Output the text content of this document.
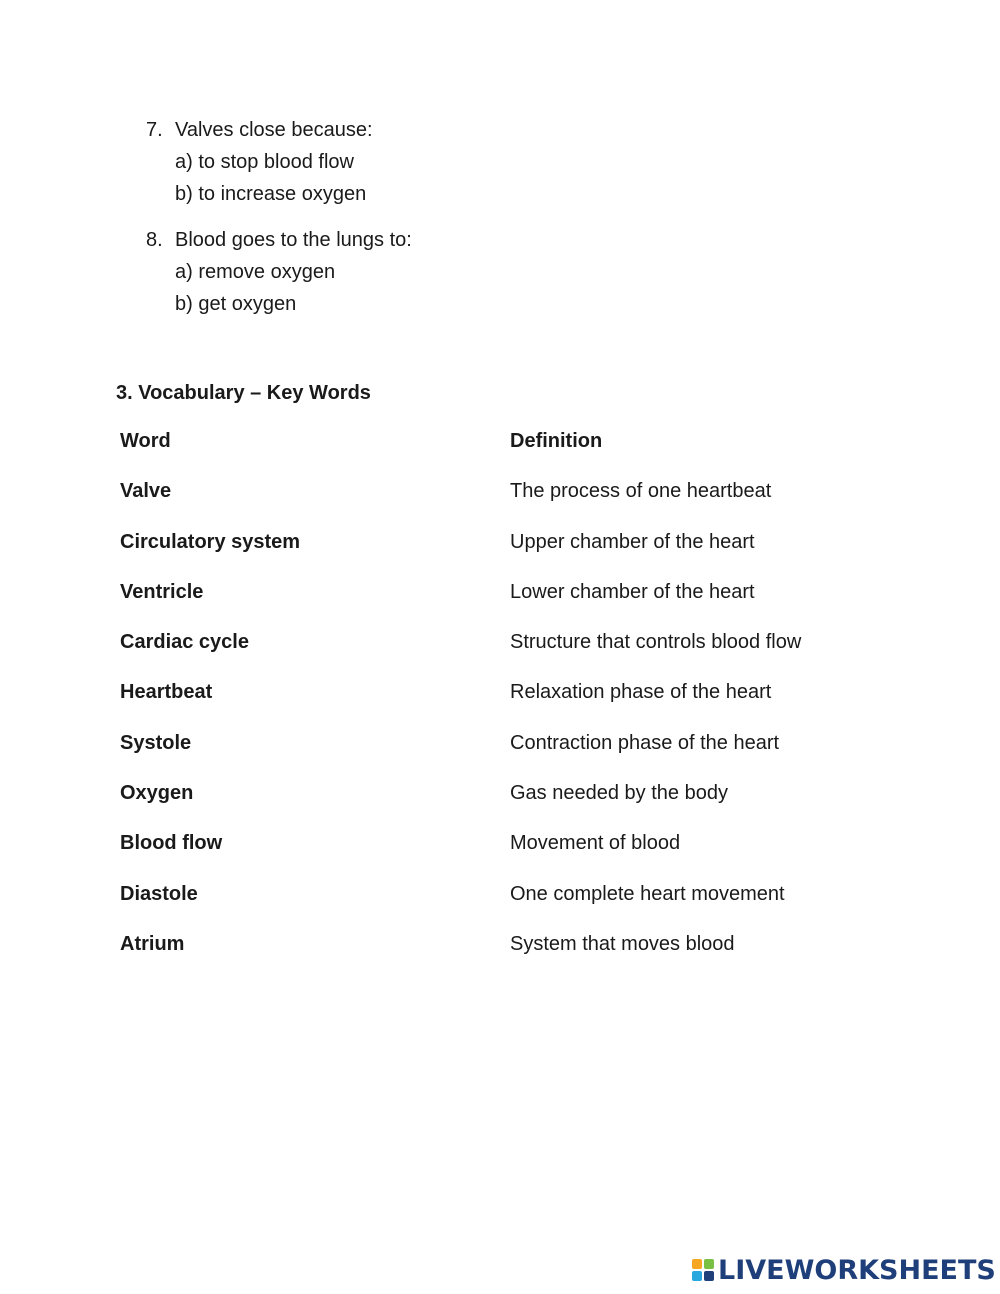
7. Valves close because:
a) to stop blood flow
b) to increase oxygen
8. Blood goes to the lungs to:
a) remove oxygen
b) get oxygen
3. Vocabulary – Key Words
Word	Definition
Valve	The process of one heartbeat
Circulatory system	Upper chamber of the heart
Ventricle	Lower chamber of the heart
Cardiac cycle	Structure that controls blood flow
Heartbeat	Relaxation phase of the heart
Systole	Contraction phase of the heart
Oxygen	Gas needed by the body
Blood flow	Movement of blood
Diastole	One complete heart movement
Atrium	System that moves blood
LIVEWORKSHEETS
